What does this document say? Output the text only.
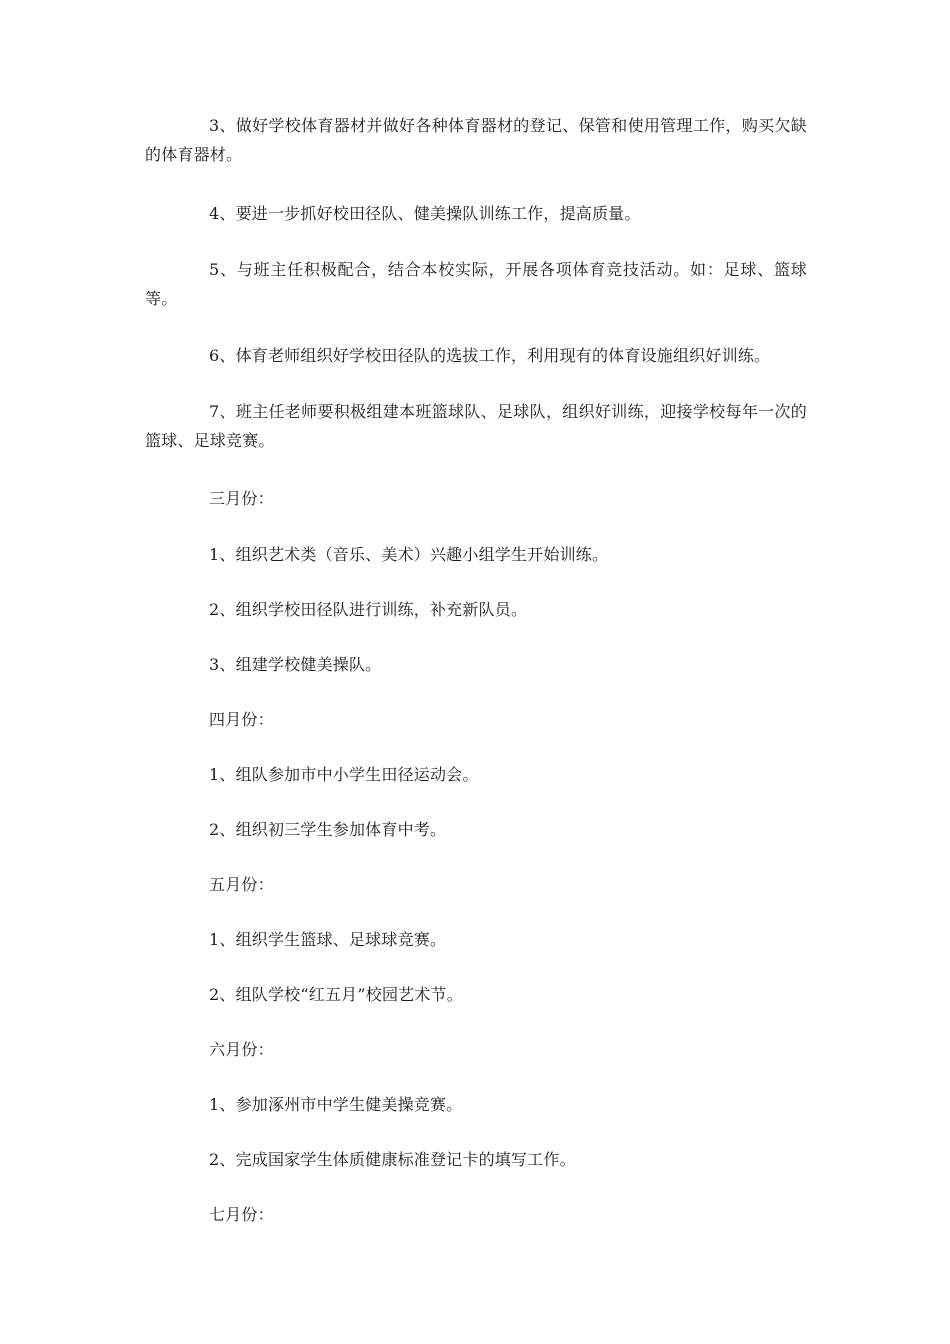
3、做好学校体育器材并做好各种体育器材的登记、保管和使用管理工作，购买欠缺的体育器材。

4、要进一步抓好校田径队、健美操队训练工作，提高质量。

5、与班主任积极配合，结合本校实际，开展各项体育竞技活动。如：足球、篮球等。

6、体育老师组织好学校田径队的选拔工作，利用现有的体育设施组织好训练。

7、班主任老师要积极组建本班篮球队、足球队，组织好训练，迎接学校每年一次的篮球、足球竞赛。

三月份：

1、组织艺术类（音乐、美术）兴趣小组学生开始训练。

2、组织学校田径队进行训练，补充新队员。

3、组建学校健美操队。

四月份：

1、组队参加市中小学生田径运动会。

2、组织初三学生参加体育中考。

五月份：

1、组织学生篮球、足球球竞赛。

2、组队学校“红五月”校园艺术节。

六月份：

1、参加涿州市中学生健美操竞赛。

2、完成国家学生体质健康标准登记卡的填写工作。

七月份：
